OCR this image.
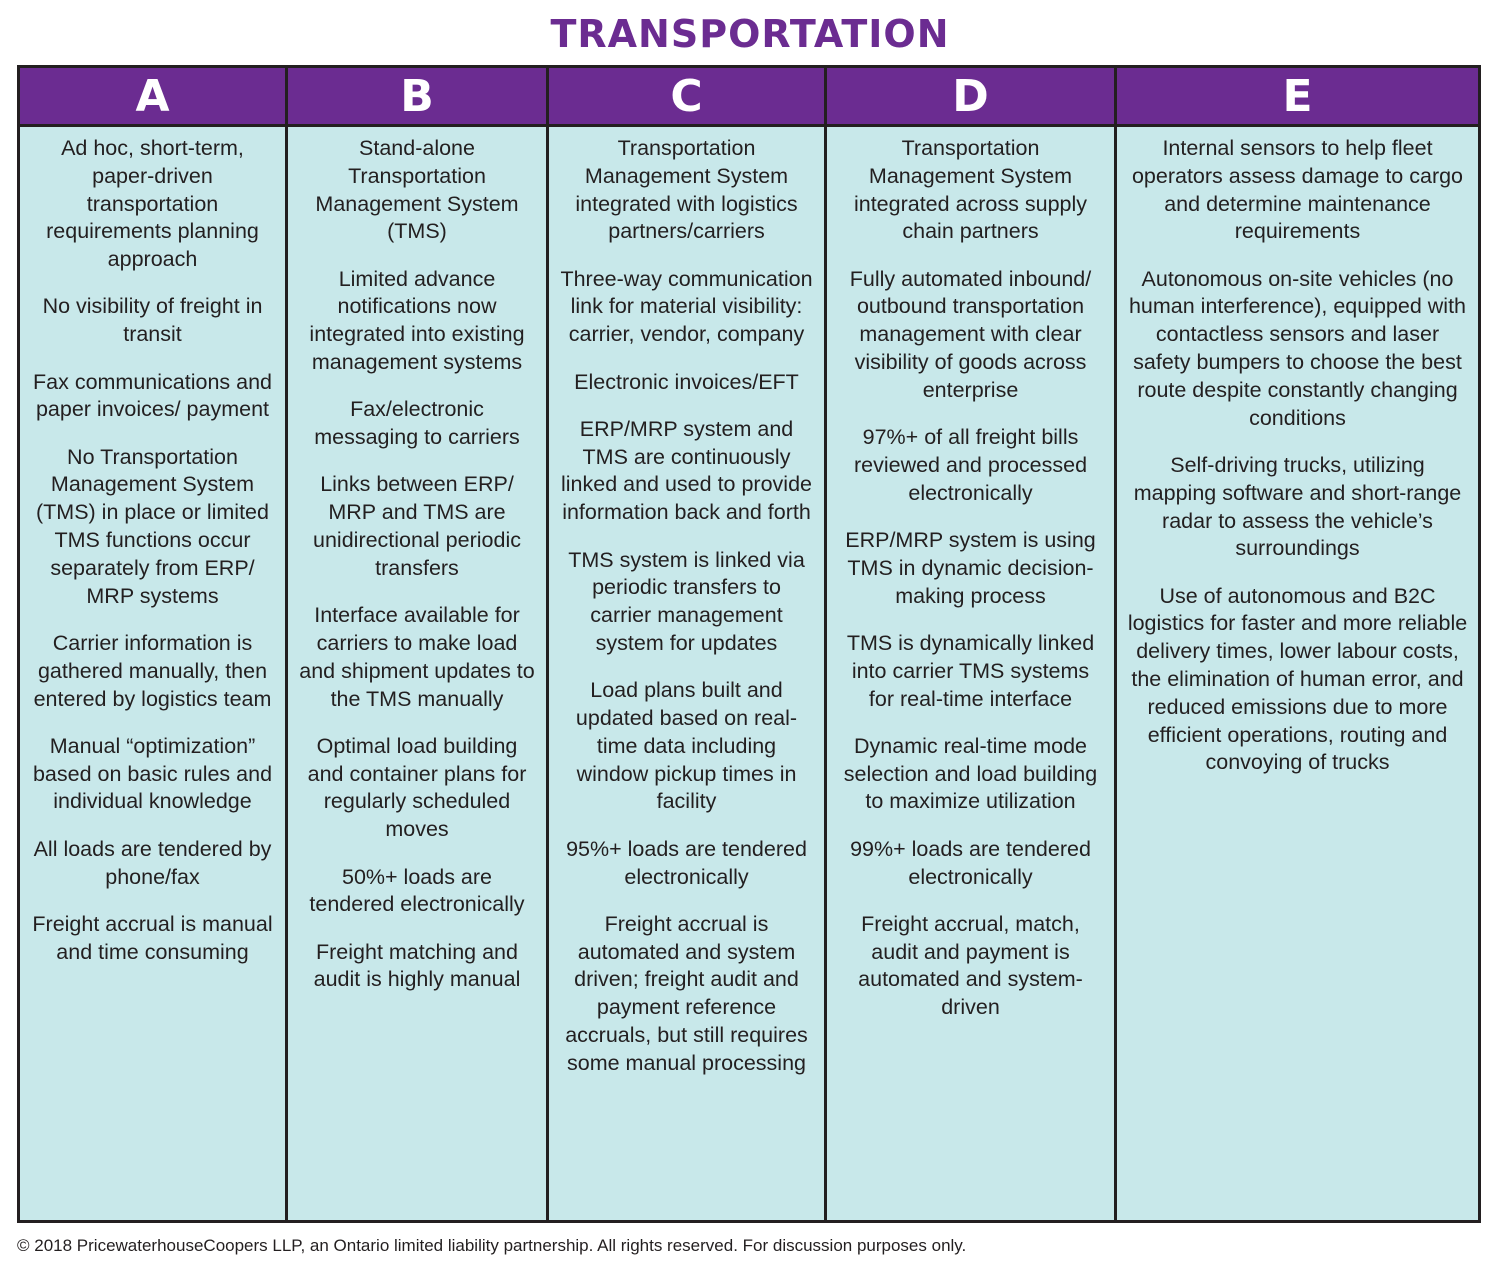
TRANSPORTATION
A

Ad hoc, short-term, paper-driven transportation requirements planning approach

No visibility of freight in transit

Fax communications and paper invoices/ payment

No Transportation Management System (TMS) in place or limited TMS functions occur separately from ERP/ MRP systems

Carrier information is gathered manually, then entered by logistics team

Manual “optimization” based on basic rules and individual knowledge

All loads are tendered by phone/fax

Freight accrual is manual and time consuming

B

Stand-alone Transportation Management System (TMS)

Limited advance notifications now integrated into existing management systems

Fax/electronic messaging to carriers

Links between ERP/ MRP and TMS are unidirectional periodic transfers

Interface available for carriers to make load and shipment updates to the TMS manually

Optimal load building and container plans for regularly scheduled moves

50%+ loads are tendered electronically

Freight matching and audit is highly manual

C

Transportation Management System integrated with logistics partners/carriers

Three-way communication link for material visibility: carrier, vendor, company

Electronic invoices/EFT

ERP/MRP system and TMS are continuously linked and used to provide information back and forth

TMS system is linked via periodic transfers to carrier management system for updates

Load plans built and updated based on real-time data including window pickup times in facility

95%+ loads are tendered electronically

Freight accrual is automated and system driven; freight audit and payment reference accruals, but still requires some manual processing

D

Transportation Management System integrated across supply chain partners

Fully automated inbound/ outbound transportation management with clear visibility of goods across enterprise

97%+ of all freight bills reviewed and processed electronically

ERP/MRP system is using TMS in dynamic decision-making process

TMS is dynamically linked into carrier TMS systems for real-time interface

Dynamic real-time mode selection and load building to maximize utilization

99%+ loads are tendered electronically

Freight accrual, match, audit and payment is automated and system-driven

E

Internal sensors to help fleet operators assess damage to cargo and determine maintenance requirements

Autonomous on-site vehicles (no human interference), equipped with contactless sensors and laser safety bumpers to choose the best route despite constantly changing conditions

Self-driving trucks, utilizing mapping software and short-range radar to assess the vehicle’s surroundings

Use of autonomous and B2C logistics for faster and more reliable delivery times, lower labour costs, the elimination of human error, and reduced emissions due to more efficient operations, routing and convoying of trucks

© 2018 PricewaterhouseCoopers LLP, an Ontario limited liability partnership. All rights reserved. For discussion purposes only.
